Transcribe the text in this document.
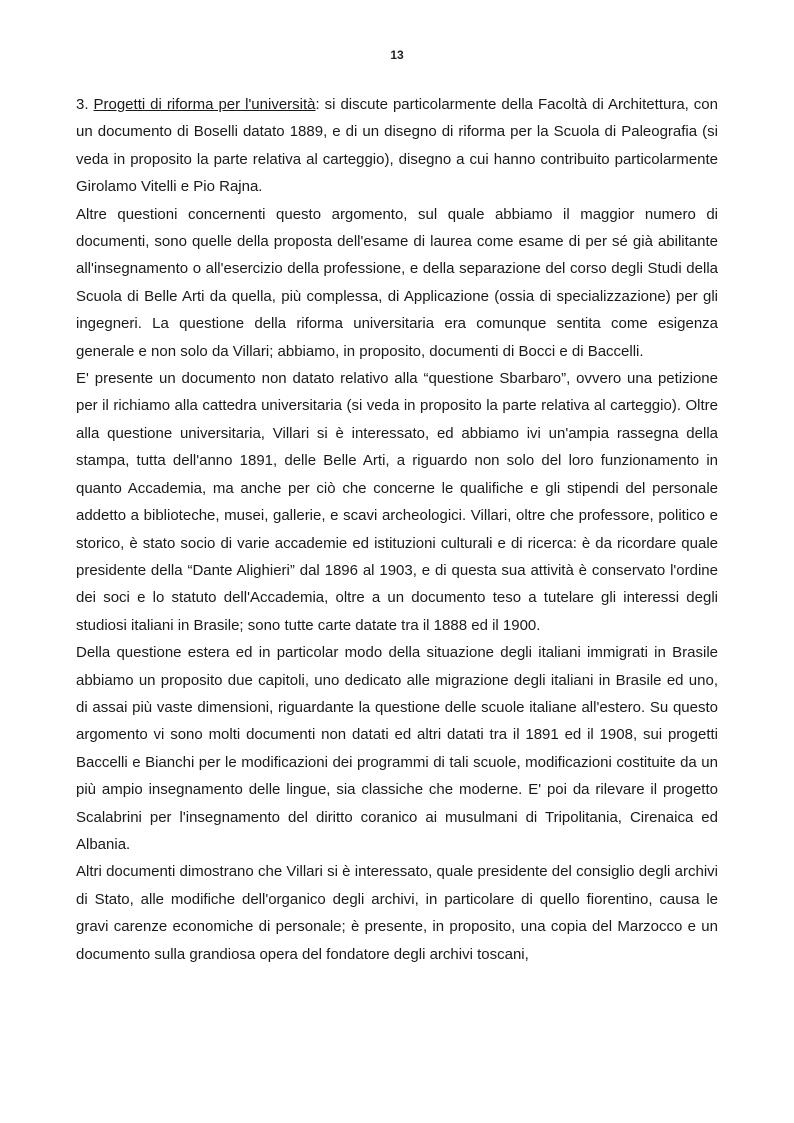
13

3. Progetti di riforma per l'università: si discute particolarmente della Facoltà di Architettura, con un documento di Boselli datato 1889, e di un disegno di riforma per la Scuola di Paleografia (si veda in proposito la parte relativa al carteggio), disegno a cui hanno contribuito particolarmente Girolamo Vitelli e Pio Rajna.

Altre questioni concernenti questo argomento, sul quale abbiamo il maggior numero di documenti, sono quelle della proposta dell'esame di laurea come esame di per sé già abilitante all'insegnamento o all'esercizio della professione, e della separazione del corso degli Studi della Scuola di Belle Arti da quella, più complessa, di Applicazione (ossia di specializzazione) per gli ingegneri. La questione della riforma universitaria era comunque sentita come esigenza generale e non solo da Villari; abbiamo, in proposito, documenti di Bocci e di Baccelli.

E' presente un documento non datato relativo alla “questione Sbarbaro”, ovvero una petizione per il richiamo alla cattedra universitaria (si veda in proposito la parte relativa al carteggio). Oltre alla questione universitaria, Villari si è interessato, ed abbiamo ivi un'ampia rassegna della stampa, tutta dell'anno 1891, delle Belle Arti, a riguardo non solo del loro funzionamento in quanto Accademia, ma anche per ciò che concerne le qualifiche e gli stipendi del personale addetto a biblioteche, musei, gallerie, e scavi archeologici. Villari, oltre che professore, politico e storico, è stato socio di varie accademie ed istituzioni culturali e di ricerca: è da ricordare quale presidente della “Dante Alighieri” dal 1896 al 1903, e di questa sua attività è conservato l'ordine dei soci e lo statuto dell'Accademia, oltre a un documento teso a tutelare gli interessi degli studiosi italiani in Brasile; sono tutte carte datate tra il 1888 ed il 1900.

Della questione estera ed in particolar modo della situazione degli italiani immigrati in Brasile abbiamo un proposito due capitoli, uno dedicato alle migrazione degli italiani in Brasile ed uno, di assai più vaste dimensioni, riguardante la questione delle scuole italiane all'estero. Su questo argomento vi sono molti documenti non datati ed altri datati tra il 1891 ed il 1908, sui progetti Baccelli e Bianchi per le modificazioni dei programmi di tali scuole, modificazioni costituite da un più ampio insegnamento delle lingue, sia classiche che moderne. E' poi da rilevare il progetto Scalabrini per l'insegnamento del diritto coranico ai musulmani di Tripolitania, Cirenaica ed Albania.

Altri documenti dimostrano che Villari si è interessato, quale presidente del consiglio degli archivi di Stato, alle modifiche dell'organico degli archivi, in particolare di quello fiorentino, causa le gravi carenze economiche di personale; è presente, in proposito, una copia del Marzocco e un documento sulla grandiosa opera del fondatore degli archivi toscani,
